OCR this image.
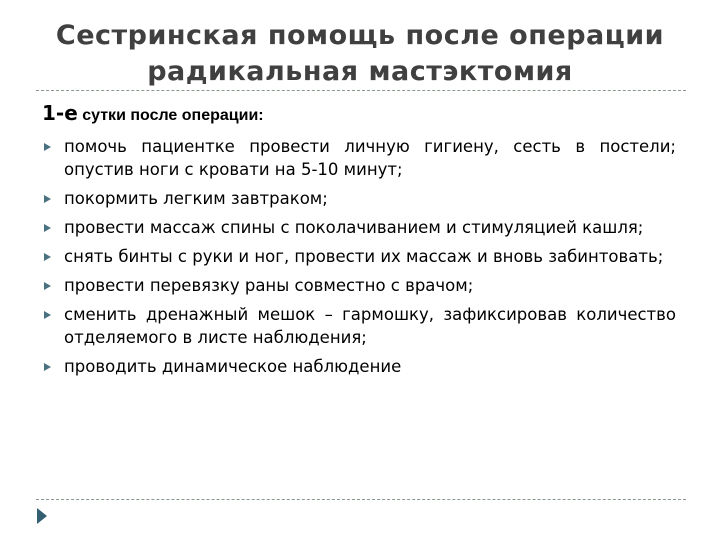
Сестринская помощь после операции
радикальная мастэктомия
1-е сутки после операции:
помочь пациентке провести личную гигиену, сесть в постели; опустив ноги с кровати на 5-10 минут;
покормить легким завтраком;
провести массаж спины с поколачиванием и стимуляцией кашля;
снять бинты с руки и ног, провести их массаж и вновь забинтовать;
провести перевязку раны совместно с врачом;
сменить дренажный мешок – гармошку, зафиксировав количество отделяемого в листе наблюдения;
проводить динамическое наблюдение
